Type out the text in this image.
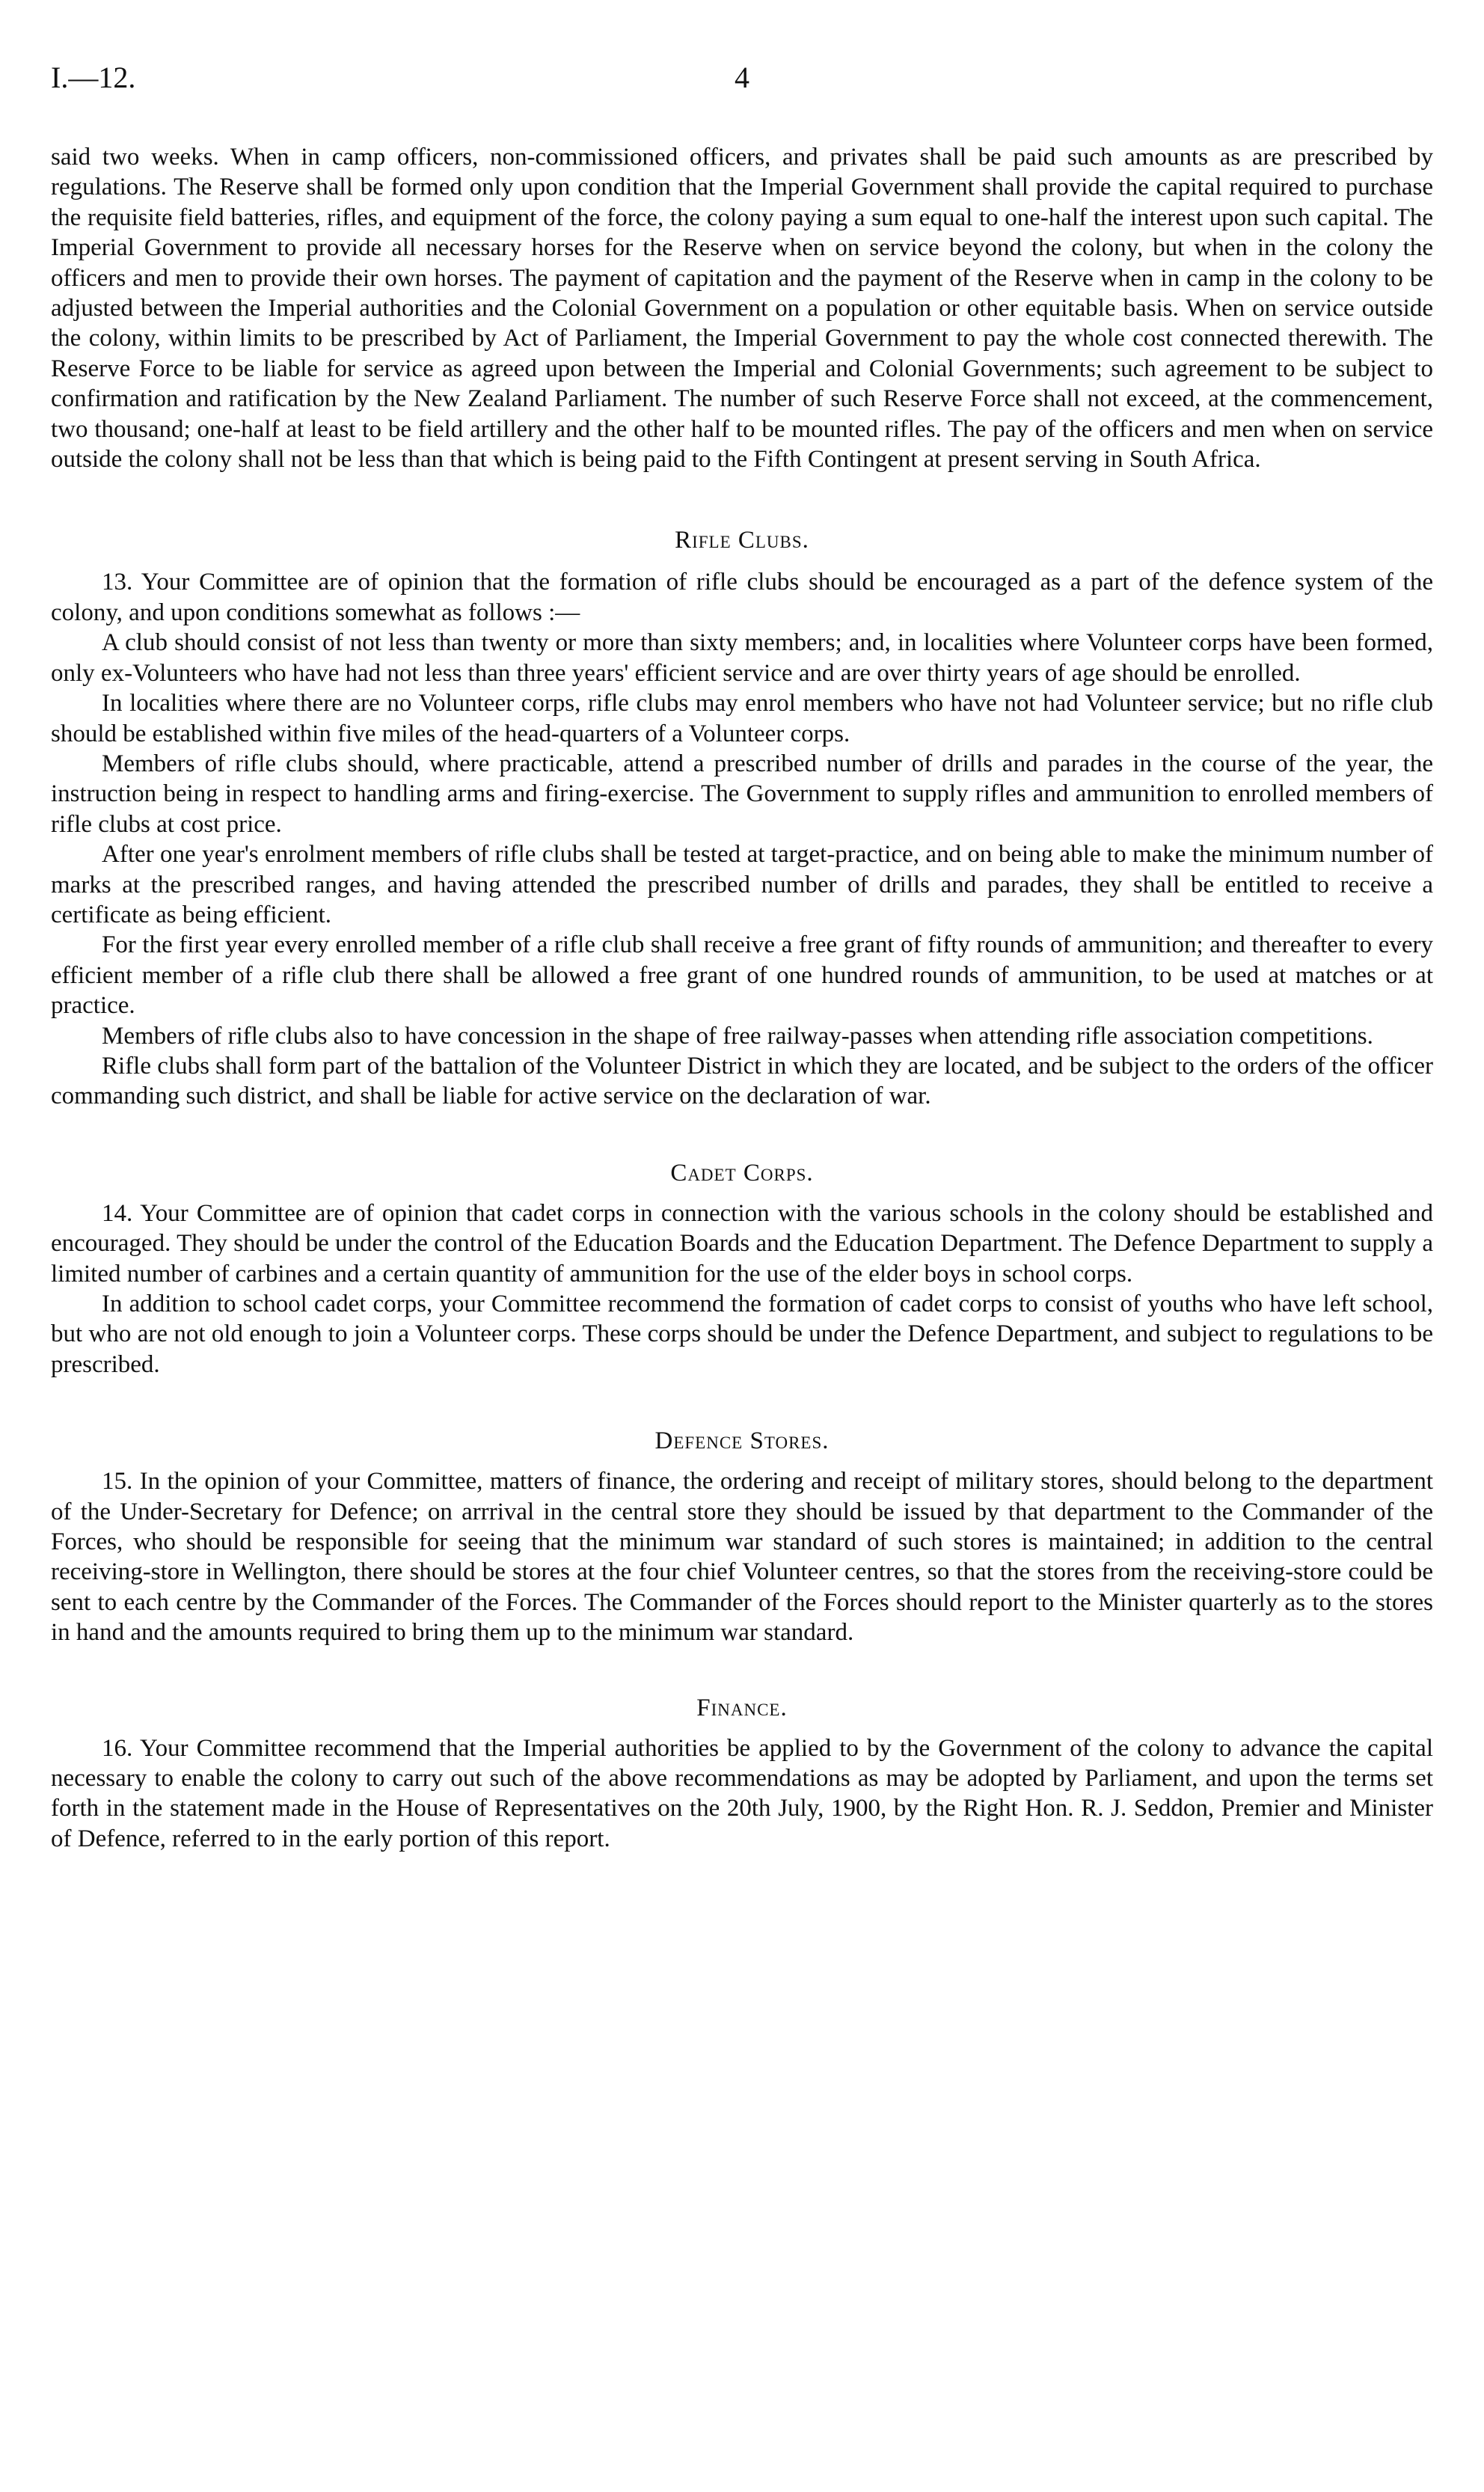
I.—12.	4

said two weeks. When in camp officers, non-commissioned officers, and privates shall be paid such amounts as are prescribed by regulations. The Reserve shall be formed only upon condition that the Imperial Government shall provide the capital required to purchase the requisite field batteries, rifles, and equipment of the force, the colony paying a sum equal to one-half the interest upon such capital. The Imperial Government to provide all necessary horses for the Reserve when on service beyond the colony, but when in the colony the officers and men to provide their own horses. The payment of capitation and the payment of the Reserve when in camp in the colony to be adjusted between the Imperial authorities and the Colonial Government on a population or other equitable basis. When on service outside the colony, within limits to be prescribed by Act of Parliament, the Imperial Government to pay the whole cost connected therewith. The Reserve Force to be liable for service as agreed upon between the Imperial and Colonial Governments; such agreement to be subject to confirmation and ratification by the New Zealand Parliament. The number of such Reserve Force shall not exceed, at the commencement, two thousand; one-half at least to be field artillery and the other half to be mounted rifles. The pay of the officers and men when on service outside the colony shall not be less than that which is being paid to the Fifth Contingent at present serving in South Africa.

Rifle Clubs.

13. Your Committee are of opinion that the formation of rifle clubs should be encouraged as a part of the defence system of the colony, and upon conditions somewhat as follows :—

A club should consist of not less than twenty or more than sixty members; and, in localities where Volunteer corps have been formed, only ex-Volunteers who have had not less than three years' efficient service and are over thirty years of age should be enrolled.

In localities where there are no Volunteer corps, rifle clubs may enrol members who have not had Volunteer service; but no rifle club should be established within five miles of the head-quarters of a Volunteer corps.

Members of rifle clubs should, where practicable, attend a prescribed number of drills and parades in the course of the year, the instruction being in respect to handling arms and firing-exercise. The Government to supply rifles and ammunition to enrolled members of rifle clubs at cost price.

After one year's enrolment members of rifle clubs shall be tested at target-practice, and on being able to make the minimum number of marks at the prescribed ranges, and having attended the prescribed number of drills and parades, they shall be entitled to receive a certificate as being efficient.

For the first year every enrolled member of a rifle club shall receive a free grant of fifty rounds of ammunition; and thereafter to every efficient member of a rifle club there shall be allowed a free grant of one hundred rounds of ammunition, to be used at matches or at practice.

Members of rifle clubs also to have concession in the shape of free railway-passes when attending rifle association competitions.

Rifle clubs shall form part of the battalion of the Volunteer District in which they are located, and be subject to the orders of the officer commanding such district, and shall be liable for active service on the declaration of war.

Cadet Corps.

14. Your Committee are of opinion that cadet corps in connection with the various schools in the colony should be established and encouraged. They should be under the control of the Education Boards and the Education Department. The Defence Department to supply a limited number of carbines and a certain quantity of ammunition for the use of the elder boys in school corps.

In addition to school cadet corps, your Committee recommend the formation of cadet corps to consist of youths who have left school, but who are not old enough to join a Volunteer corps. These corps should be under the Defence Department, and subject to regulations to be prescribed.

Defence Stores.

15. In the opinion of your Committee, matters of finance, the ordering and receipt of military stores, should belong to the department of the Under-Secretary for Defence; on arrrival in the central store they should be issued by that department to the Commander of the Forces, who should be responsible for seeing that the minimum war standard of such stores is maintained; in addition to the central receiving-store in Wellington, there should be stores at the four chief Volunteer centres, so that the stores from the receiving-store could be sent to each centre by the Commander of the Forces. The Commander of the Forces should report to the Minister quarterly as to the stores in hand and the amounts required to bring them up to the minimum war standard.

Finance.

16. Your Committee recommend that the Imperial authorities be applied to by the Government of the colony to advance the capital necessary to enable the colony to carry out such of the above recommendations as may be adopted by Parliament, and upon the terms set forth in the statement made in the House of Representatives on the 20th July, 1900, by the Right Hon. R. J. Seddon, Premier and Minister of Defence, referred to in the early portion of this report.
